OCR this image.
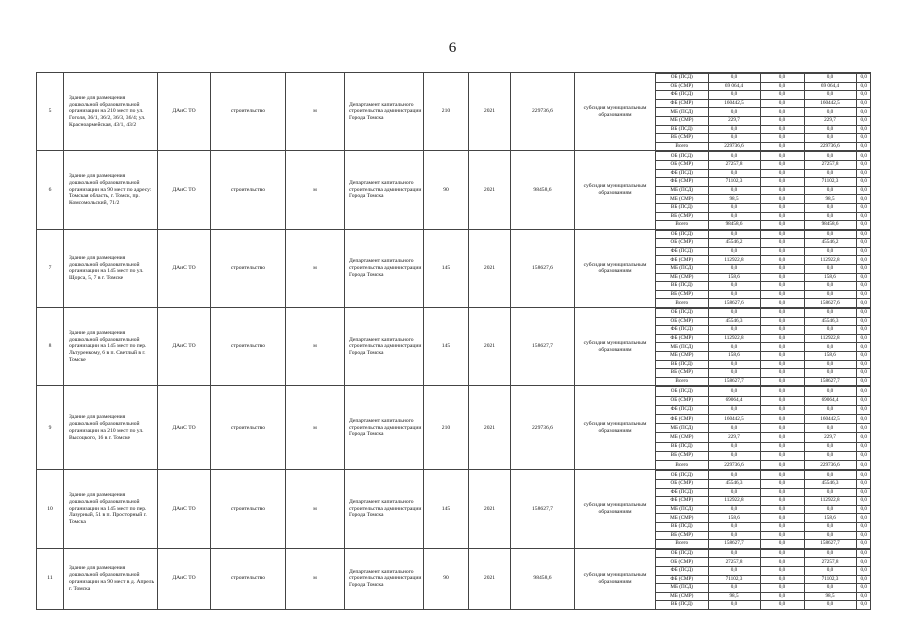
6
5	Здание для размещения дошкольной образовательной организации на 210 мест по ул. Гоголя, 36/1, 36/2, 36/3, 36/4; ул. Красноармейская, 43/1, 43/2	ДАиС ТО	строительство	м	Департамент капитального строительства администрации Города Томска	210	2021	229736,6	субсидия муниципальным образованиям	
ОБ (ПСД)	0,0	0,0	0,0	0,0
ОБ (СМР)	69 064,4	0,0	69 064,4	0,0
ФБ (ПСД)	0,0	0,0	0,0	0,0
ФБ (СМР)	160442,5	0,0	160442,5	0,0
МБ (ПСД)	0,0	0,0	0,0	0,0
МБ (СМР)	229,7	0,0	229,7	0,0
ВБ (ПСД)	0,0	0,0	0,0	0,0
ВБ (СМР)	0,0	0,0	0,0	0,0
Всего	229736,6	0,0	229736,6	0,0

6	Здание для размещения дошкольной образовательной организации на 90 мест по адресу: Томская область, г. Томск, пр. Комсомольский, 71/2	ДАиС ТО	строительство	м	Департамент капитального строительства администрации Города Томска	90	2021	98458,6	субсидия муниципальным образованиям	
ОБ (ПСД)	0,0	0,0	0,0	0,0
ОБ (СМР)	27257,8	0,0	27257,8	0,0
ФБ (ПСД)	0,0	0,0	0,0	0,0
ФБ (СМР)	71102,3	0,0	71102,3	0,0
МБ (ПСД)	0,0	0,0	0,0	0,0
МБ (СМР)	98,5	0,0	98,5	0,0
ВБ (ПСД)	0,0	0,0	0,0	0,0
ВБ (СМР)	0,0	0,0	0,0	0,0
Всего	98458,6	0,0	98458,6	0,0

7	Здание для размещения дошкольной образовательной организации на 145 мест по ул. Щорса, 5, 7 в г. Томске	ДАиС ТО	строительство	м	Департамент капитального строительства администрации Города Томска	145	2021	158627,6	субсидия муниципальным образованиям	
ОБ (ПСД)	0,0	0,0	0,0	0,0
ОБ (СМР)	45546,2	0,0	45546,2	0,0
ФБ (ПСД)	0,0	0,0	0,0	0,0
ФБ (СМР)	112922,8	0,0	112922,8	0,0
МБ (ПСД)	0,0	0,0	0,0	0,0
МБ (СМР)	158,6	0,0	158,6	0,0
ВБ (ПСД)	0,0	0,0	0,0	0,0
ВБ (СМР)	0,0	0,0	0,0	0,0
Всего	158627,6	0,0	158627,6	0,0

8	Здание для размещения дошкольной образовательной организации на 145 мест по пер. Льтуренкому, 6 в п. Светлый в г. Томске	ДАиС ТО	строительство	м	Департамент капитального строительства администрации Города Томска	145	2021	158627,7	субсидия муниципальным образованиям	
ОБ (ПСД)	0,0	0,0	0,0	0,0
ОБ (СМР)	45546,3	0,0	45546,3	0,0
ФБ (ПСД)	0,0	0,0	0,0	0,0
ФБ (СМР)	112922,8	0,0	112922,8	0,0
МБ (ПСД)	0,0	0,0	0,0	0,0
МБ (СМР)	158,6	0,0	158,6	0,0
ВБ (ПСД)	0,0	0,0	0,0	0,0
ВБ (СМР)	0,0	0,0	0,0	0,0
Всего	158627,7	0,0	158627,7	0,0

9	Здание для размещения дошкольной образовательной организации на 210 мест по ул. Высоцкого, 16 в г. Томске	ДАиС ТО	строительство	м	Департамент капитального строительства администрации Города Томска	210	2021	229736,6	субсидия муниципальным образованиям	
ОБ (ПСД)	0,0	0,0	0,0	0,0
ОБ (СМР)	69064,4	0,0	69064,4	0,0
ФБ (ПСД)	0,0	0,0	0,0	0,0
ФБ (СМР)	160442,5	0,0	160442,5	0,0
МБ (ПСД)	0,0	0,0	0,0	0,0
МБ (СМР)	229,7	0,0	229,7	0,0
ВБ (ПСД)	0,0	0,0	0,0	0,0
ВБ (СМР)	0,0	0,0	0,0	0,0
Всего	229736,6	0,0	229736,6	0,0

10	Здание для размещения дошкольной образовательной организации на 145 мест по пер. Лазурный, 51 в п. Просторный г. Томска	ДАиС ТО	строительство	м	Департамент капитального строительства администрации Города Томска	145	2021	158627,7	субсидия муниципальным образованиям	
ОБ (ПСД)	0,0	0,0	0,0	0,0
ОБ (СМР)	45546,3	0,0	45546,3	0,0
ФБ (ПСД)	0,0	0,0	0,0	0,0
ФБ (СМР)	112922,8	0,0	112922,8	0,0
МБ (ПСД)	0,0	0,0	0,0	0,0
МБ (СМР)	158,6	0,0	158,6	0,0
ВБ (ПСД)	0,0	0,0	0,0	0,0
ВБ (СМР)	0,0	0,0	0,0	0,0
Всего	158627,7	0,0	158627,7	0,0

11	Здание для размещения дошкольной образовательной организации на 90 мест в д. Апрель г. Томска	ДАиС ТО	строительство	м	Департамент капитального строительства администрации Города Томска	90	2021	98458,6	субсидия муниципальным образованиям	
ОБ (ПСД)	0,0	0,0	0,0	0,0
ОБ (СМР)	27257,8	0,0	27257,8	0,0
ФБ (ПСД)	0,0	0,0	0,0	0,0
ФБ (СМР)	71102,3	0,0	71102,3	0,0
МБ (ПСД)	0,0	0,0	0,0	0,0
МБ (СМР)	98,5	0,0	98,5	0,0
ВБ (ПСД)	0,0	0,0	0,0	0,0
